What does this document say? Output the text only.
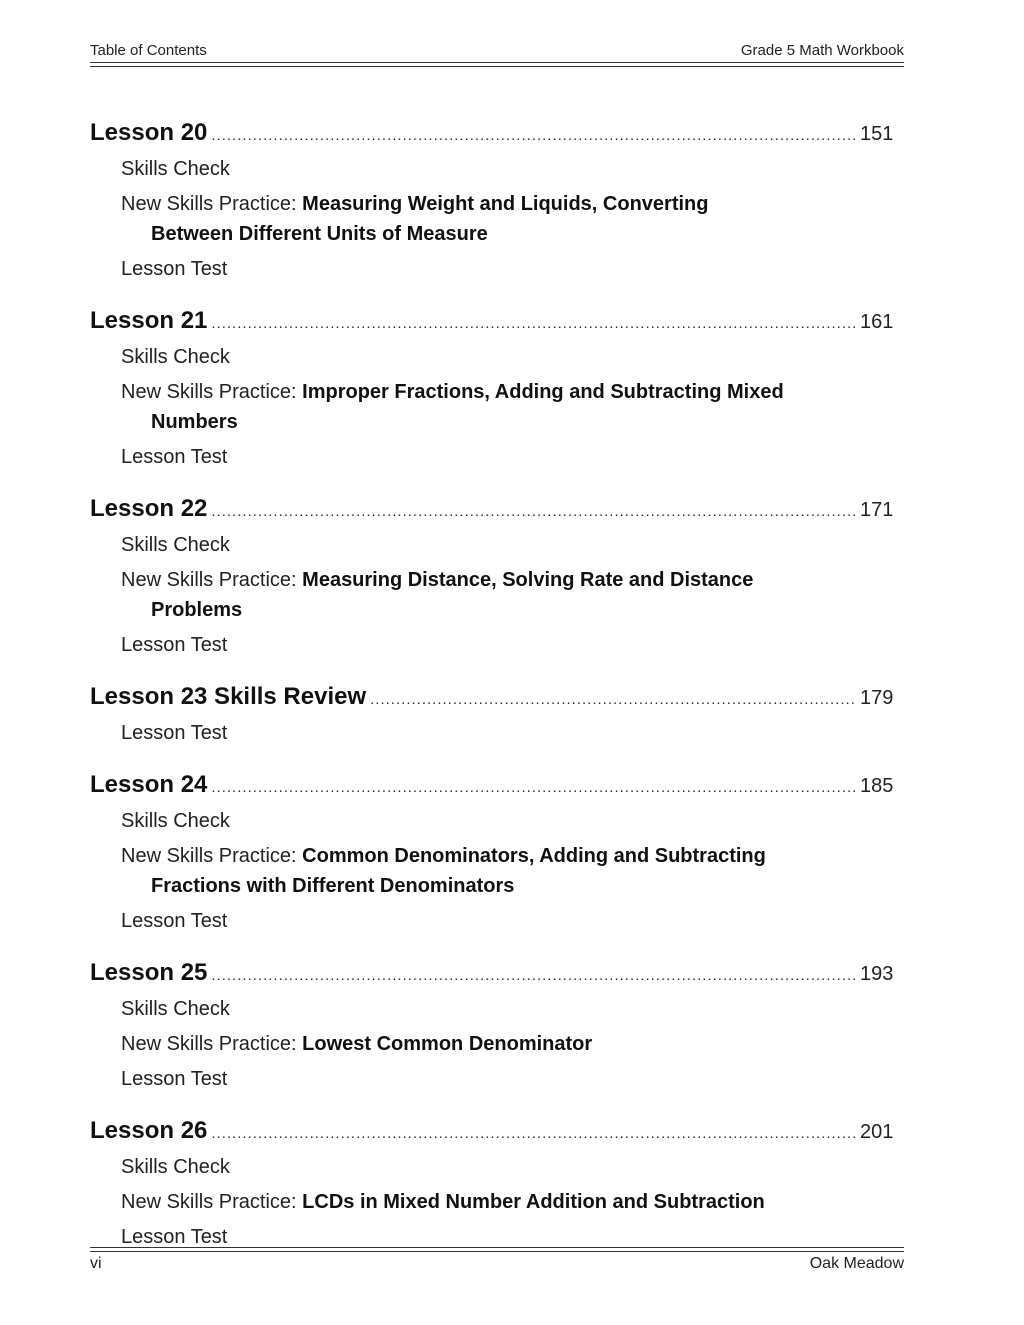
Table of Contents	Grade 5 Math Workbook
Lesson 20 .....	151
Skills Check
New Skills Practice: Measuring Weight and Liquids, Converting
Between Different Units of Measure
Lesson Test
Lesson 21 .....	161
Skills Check
New Skills Practice: Improper Fractions, Adding and Subtracting Mixed
Numbers
Lesson Test
Lesson 22 .....	171
Skills Check
New Skills Practice: Measuring Distance, Solving Rate and Distance
Problems
Lesson Test
Lesson 23 Skills Review .....	179
Lesson Test
Lesson 24 .....	185
Skills Check
New Skills Practice: Common Denominators, Adding and Subtracting
Fractions with Different Denominators
Lesson Test
Lesson 25 .....	193
Skills Check
New Skills Practice: Lowest Common Denominator
Lesson Test
Lesson 26 .....	201
Skills Check
New Skills Practice: LCDs in Mixed Number Addition and Subtraction
Lesson Test
vi	Oak Meadow
